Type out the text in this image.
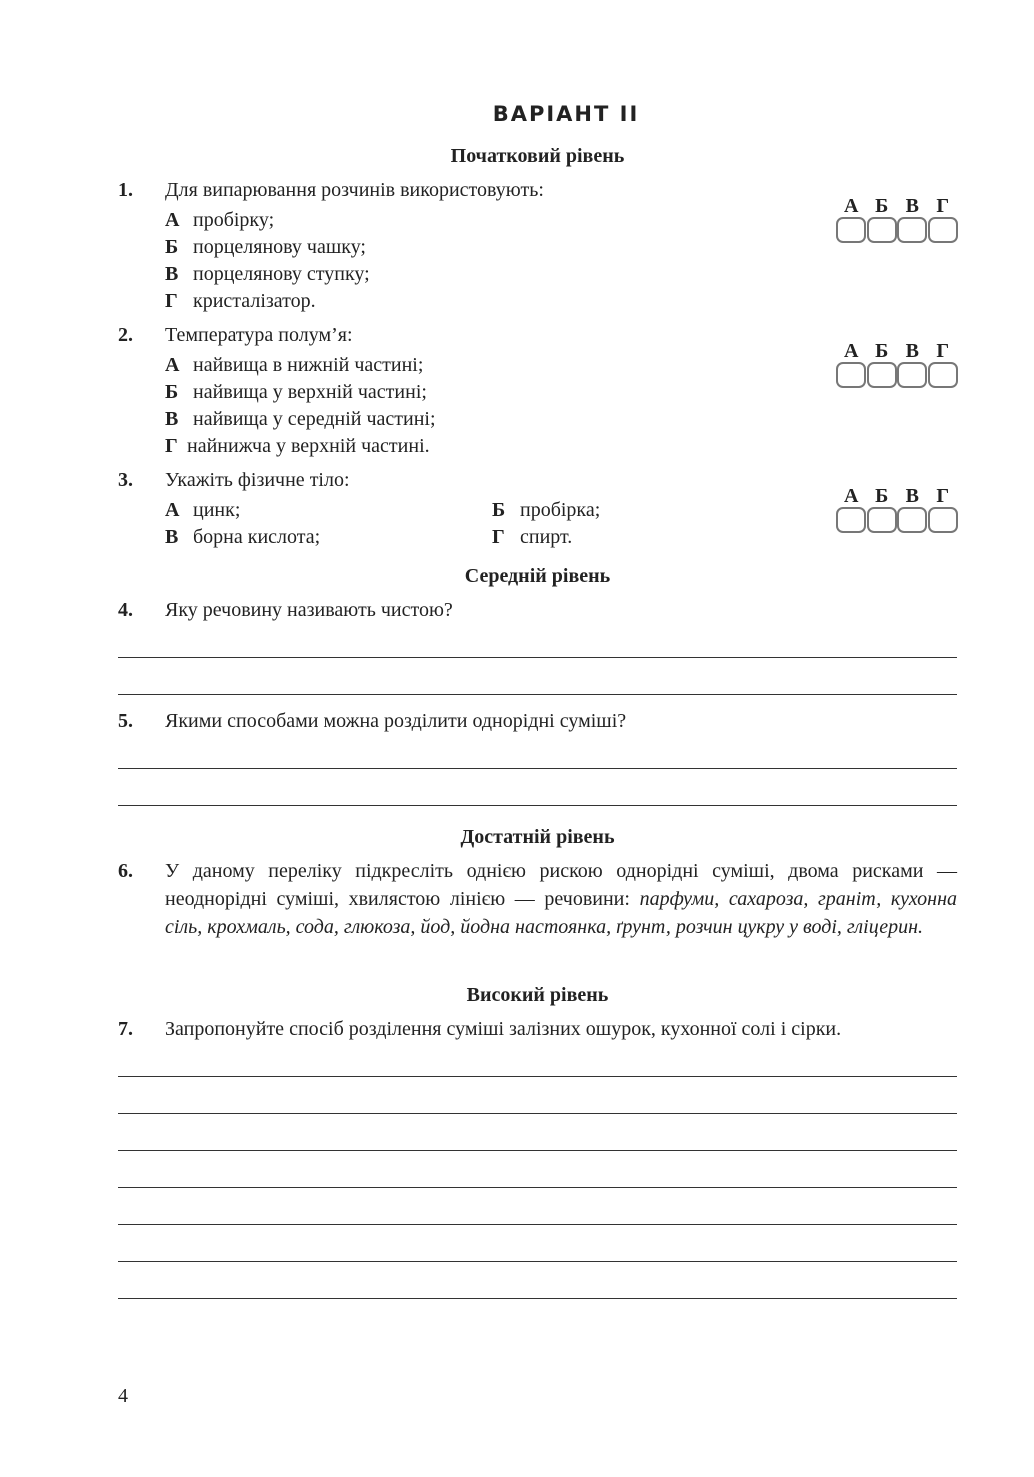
ВАРІАНТ II
Початковий рівень
1. Для випарювання розчинів використовують:
А пробірку;
Б порцелянову чашку;
В порцелянову ступку;
Г кристалізатор.
А Б В Г
2. Температура полум’я:
А найвища в нижній частині;
Б найвища у верхній частині;
В найвища у середній частині;
Г найнижча у верхній частині.
А Б В Г
3. Укажіть фізичне тіло:
А цинк;	Б пробірка;
В борна кислота;	Г спирт.
А Б В Г
Середній рівень
4. Яку речовину називають чистою?
5. Якими способами можна розділити однорідні суміші?
Достатній рівень
6. У даному переліку підкресліть однією рискою однорідні суміші, двома рисками — неоднорідні суміші, хвилястою лінією — речовини: парфуми, сахароза, граніт, кухонна сіль, крохмаль, сода, глюкоза, йод, йодна настоянка, ґрунт, розчин цукру у воді, гліцерин.
Високий рівень
7. Запропонуйте спосіб розділення суміші залізних ошурок, кухонної солі і сірки.
4
